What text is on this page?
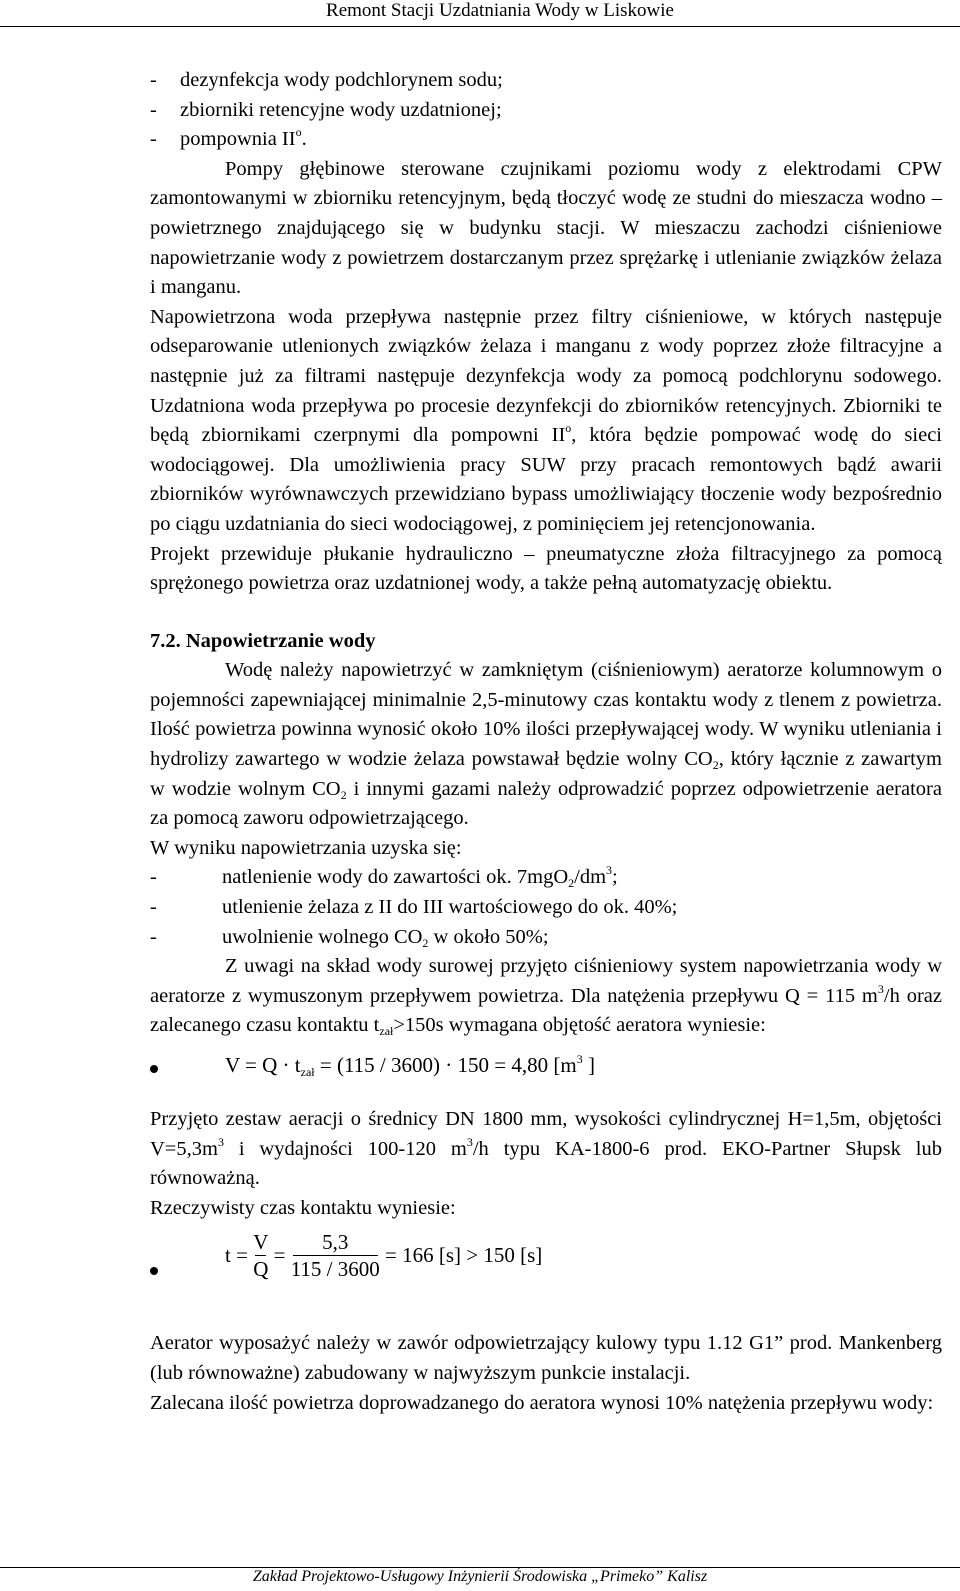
Remont Stacji Uzdatniania Wody w Liskowie
- dezynfekcja wody podchlorynem sodu;
- zbiorniki retencyjne wody uzdatnionej;
- pompownia $II^o$.

Pompy głębinowe sterowane czujnikami poziomu wody z elektrodami CPW zamontowanymi w zbiorniku retencyjnym, będą tłoczyć wodę ze studni do mieszacza wodno – powietrznego znajdującego się w budynku stacji. W mieszaczu zachodzi ciśnieniowe napowietrzanie wody z powietrzem dostarczanym przez sprężarkę i utlenianie związków żelaza i manganu.

Napowietrzona woda przepływa następnie przez filtry ciśnieniowe, w których następuje odseparowanie utlenionych związków żelaza i manganu z wody poprzez złoże filtracyjne a następnie już za filtrami następuje dezynfekcja wody za pomocą podchlorynu sodowego. Uzdatniona woda przepływa po procesie dezynfekcji do zbiorników retencyjnych. Zbiorniki te będą zbiornikami czerpnymi dla pompowni $II^o$, która będzie pompować wodę do sieci wodociągowej. Dla umożliwienia pracy SUW przy pracach remontowych bądź awarii zbiorników wyrównawczych przewidziano bypass umożliwiający tłoczenie wody bezpośrednio po ciągu uzdatniania do sieci wodociągowej, z pominięciem jej retencjonowania.

Projekt przewiduje płukanie hydrauliczno – pneumatyczne złoża filtracyjnego za pomocą sprężonego powietrza oraz uzdatnionej wody, a także pełną automatyzację obiektu.

7.2. Napowietrzanie wody

Wodę należy napowietrzyć w zamkniętym (ciśnieniowym) aeratorze kolumnowym o pojemności zapewniającej minimalnie 2,5-minutowy czas kontaktu wody z tlenem z powietrza. Ilość powietrza powinna wynosić około 10% ilości przepływającej wody. W wyniku utleniania i hydrolizy zawartego w wodzie żelaza powstawał będzie wolny $CO_2$, który łącznie z zawartym w wodzie wolnym $CO_2$ i innymi gazami należy odprowadzić poprzez odpowietrzenie aeratora za pomocą zaworu odpowietrzającego.

W wyniku napowietrzania uzyska się:

-	natlenienie wody do zawartości ok. $7mgO_2/dm^3$;
-	utlenienie żelaza z II do III wartościowego do ok. 40%;
-	uwolnienie wolnego $CO_2$ w około 50%;

Z uwagi na skład wody surowej przyjęto ciśnieniowy system napowietrzania wody w aeratorze z wymuszonym przepływem powietrza. Dla natężenia przepływu Q = 115 $m^3/h$ oraz zalecanego czasu kontaktu $t_{zał}>150s$ wymagana objętość aeratora wyniesie:

$V = Q \cdot t_{zał} = (115 / 3600) \cdot 150 = 4,80$ [$m^3$ ]

Przyjęto zestaw aeracji o średnicy DN 1800 mm, wysokości cylindrycznej H=1,5m, objętości $V=5,3m^3$ i wydajności 100-120 $m^3/h$ typu KA-1800-6 prod. EKO-Partner Słupsk lub równoważną.

Rzeczywisty czas kontaktu wyniesie:

$t = \frac{V}{Q} = \frac{5,3}{115 / 3600} = 166$ [s] > 150 [s]

Aerator wyposażyć należy w zawór odpowietrzający kulowy typu 1.12 G1” prod. Mankenberg (lub równoważne) zabudowany w najwyższym punkcie instalacji.

Zalecana ilość powietrza doprowadzanego do aeratora wynosi 10% natężenia przepływu wody:

Zakład Projektowo-Usługowy Inżynierii Środowiska „Primeko” Kalisz
